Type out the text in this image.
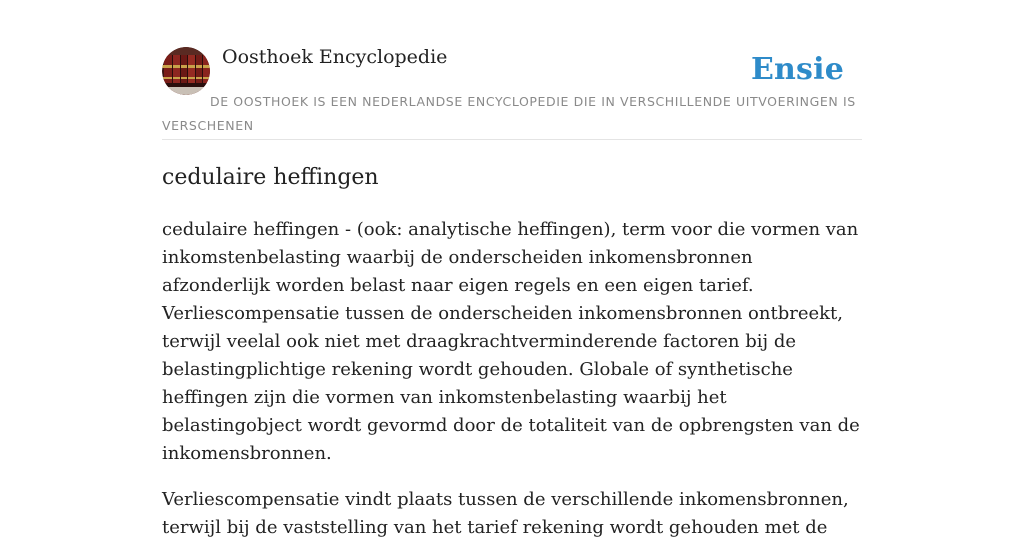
Oosthoek Encyclopedie	Ensie
DE OOSTHOEK IS EEN NEDERLANDSE ENCYCLOPEDIE DIE IN VERSCHILLENDE UITVOERINGEN IS VERSCHENEN
cedulaire heffingen

cedulaire heffingen - (ook: analytische heffingen), term voor die vormen van inkomstenbelasting waarbij de onderscheiden inkomensbronnen afzonderlijk worden belast naar eigen regels en een eigen tarief. Verliescompensatie tussen de onderscheiden inkomensbronnen ontbreekt, terwijl veelal ook niet met draagkrachtverminderende factoren bij de belastingplichtige rekening wordt gehouden. Globale of synthetische heffingen zijn die vormen van inkomstenbelasting waarbij het belastingobject wordt gevormd door de totaliteit van de opbrengsten van de inkomensbronnen.

Verliescompensatie vindt plaats tussen de verschillende inkomensbronnen, terwijl bij de vaststelling van het tarief rekening wordt gehouden met de
